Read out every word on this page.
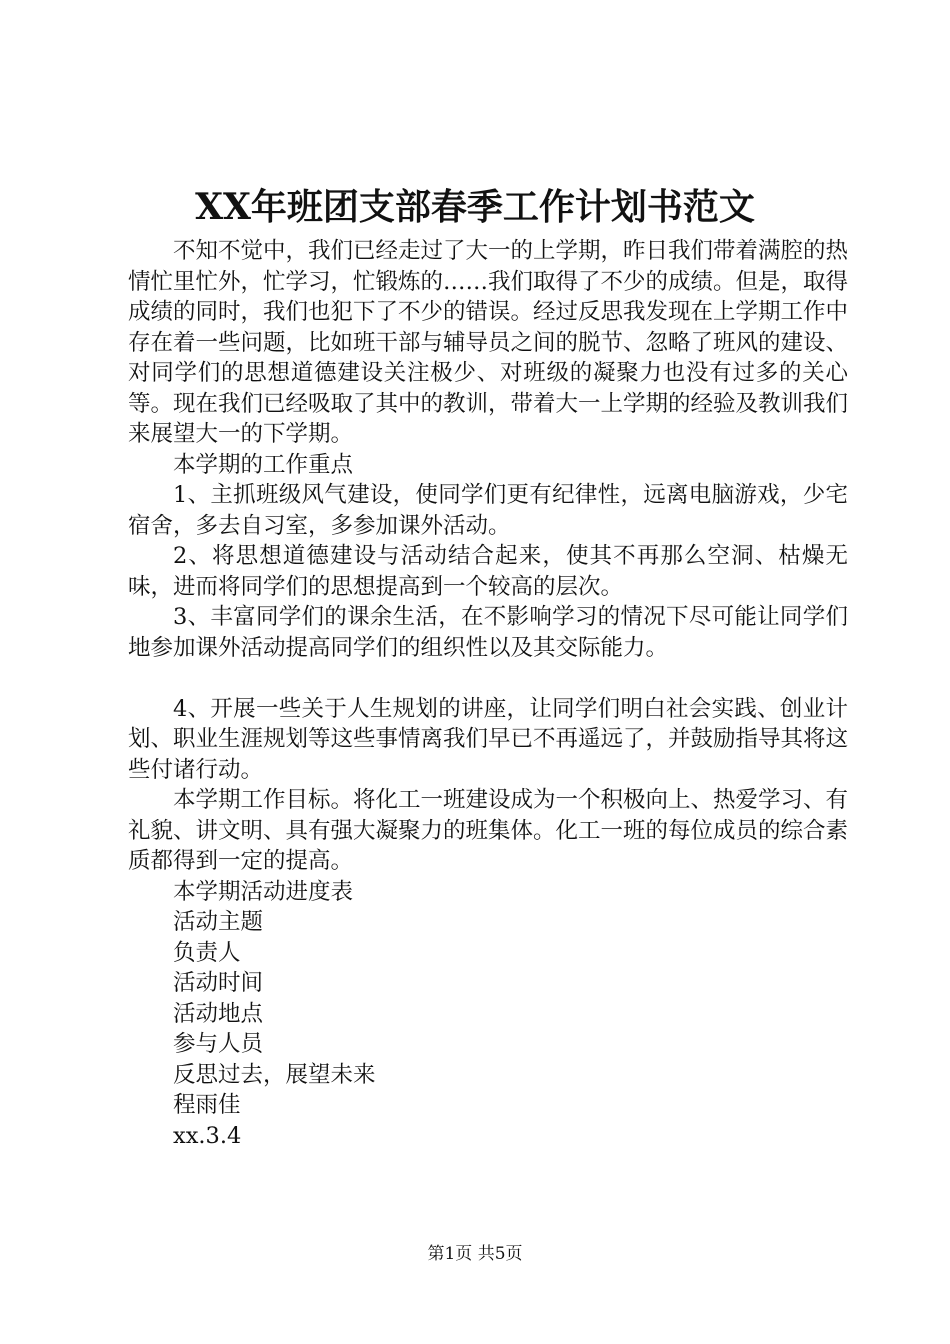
XX年班团支部春季工作计划书范文

不知不觉中，我们已经走过了大一的上学期，昨日我们带着满腔的热情忙里忙外，忙学习，忙锻炼的……我们取得了不少的成绩。但是，取得成绩的同时，我们也犯下了不少的错误。经过反思我发现在上学期工作中存在着一些问题，比如班干部与辅导员之间的脱节、忽略了班风的建设、对同学们的思想道德建设关注极少、对班级的凝聚力也没有过多的关心等。现在我们已经吸取了其中的教训，带着大一上学期的经验及教训我们来展望大一的下学期。

本学期的工作重点

1、主抓班级风气建设，使同学们更有纪律性，远离电脑游戏，少宅宿舍，多去自习室，多参加课外活动。

2、将思想道德建设与活动结合起来，使其不再那么空洞、枯燥无味，进而将同学们的思想提高到一个较高的层次。

3、丰富同学们的课余生活，在不影响学习的情况下尽可能让同学们地参加课外活动提高同学们的组织性以及其交际能力。

4、开展一些关于人生规划的讲座，让同学们明白社会实践、创业计划、职业生涯规划等这些事情离我们早已不再遥远了，并鼓励指导其将这些付诸行动。

本学期工作目标。将化工一班建设成为一个积极向上、热爱学习、有礼貌、讲文明、具有强大凝聚力的班集体。化工一班的每位成员的综合素质都得到一定的提高。

本学期活动进度表

活动主题

负责人

活动时间

活动地点

参与人员

反思过去，展望未来

程雨佳

xx.3.4

第1页 共5页
